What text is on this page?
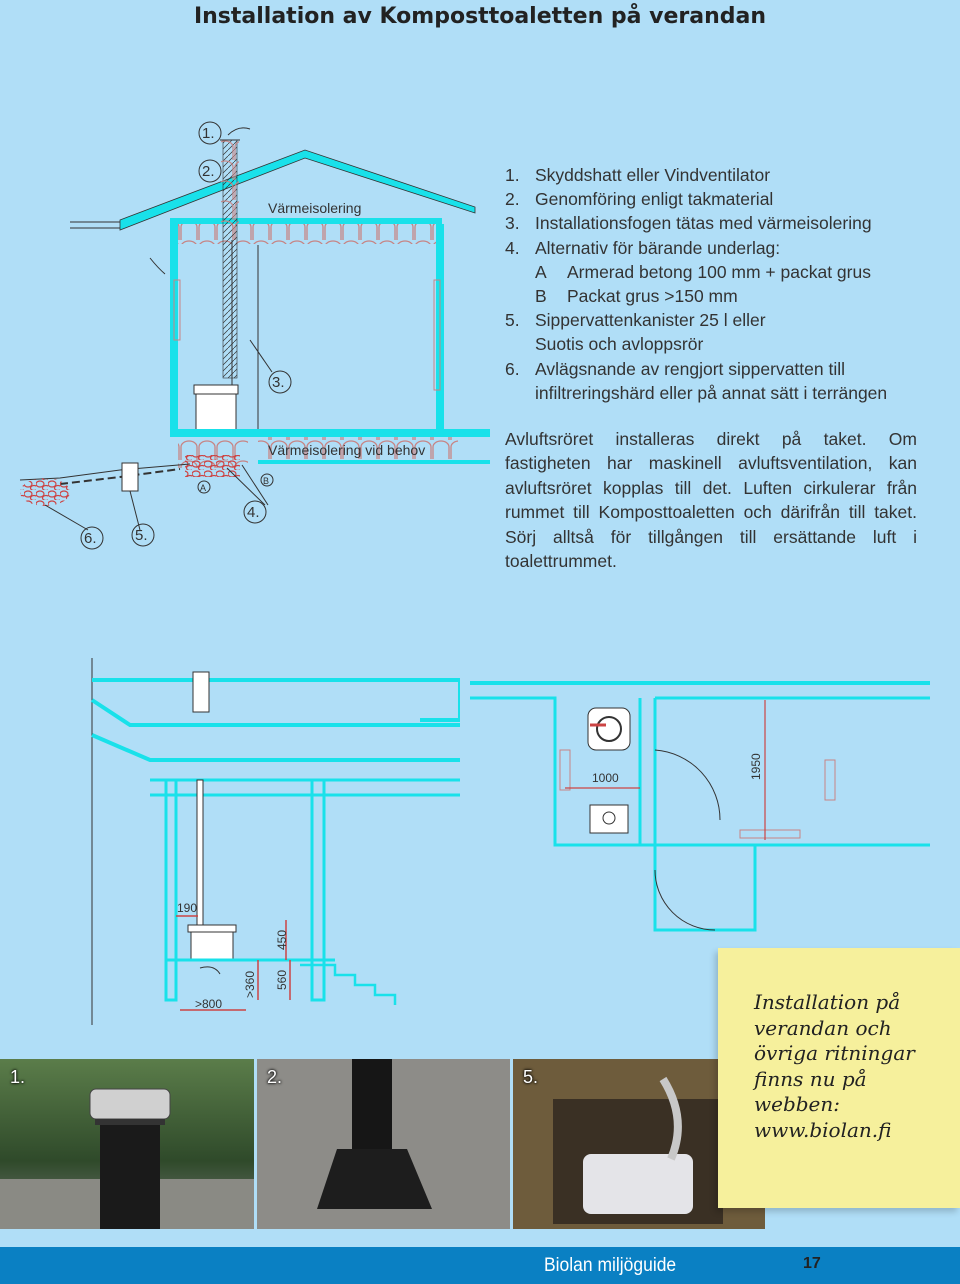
Installation av Komposttoaletten på verandan
1.
2.
3.
4.
5.
6.
A
B
Värmeisolering
Värmeisolering vid behov
1. Skyddshatt eller Vindventilator
2. Genomföring enligt takmaterial
3. Installationsfogen tätas med värmeisolering
4. Alternativ för bärande underlag:
A	Armerad betong 100 mm + packat grus
B	Packat grus >150 mm
5. Sippervattenkanister 25 l eller
Suotis och avloppsrör
6. Avlägsnande av rengjort sippervatten till
infiltreringshärd eller på annat sätt i terrängen
Avluftsröret installeras direkt på taket. Om fastigheten har maskinell avluftsventilation, kan avluftsröret kopplas till det. Luften cirkulerar från rummet till Komposttoaletten och därifrån till taket. Sörj alltså för tillgången till ersättande luft i toalettrummet.
190
450
560
>360
>800
1000	1950
1.	2.	5.
Installation på verandan och övriga ritningar finns nu på webben: www.biolan.fi
Biolan miljöguide	17
